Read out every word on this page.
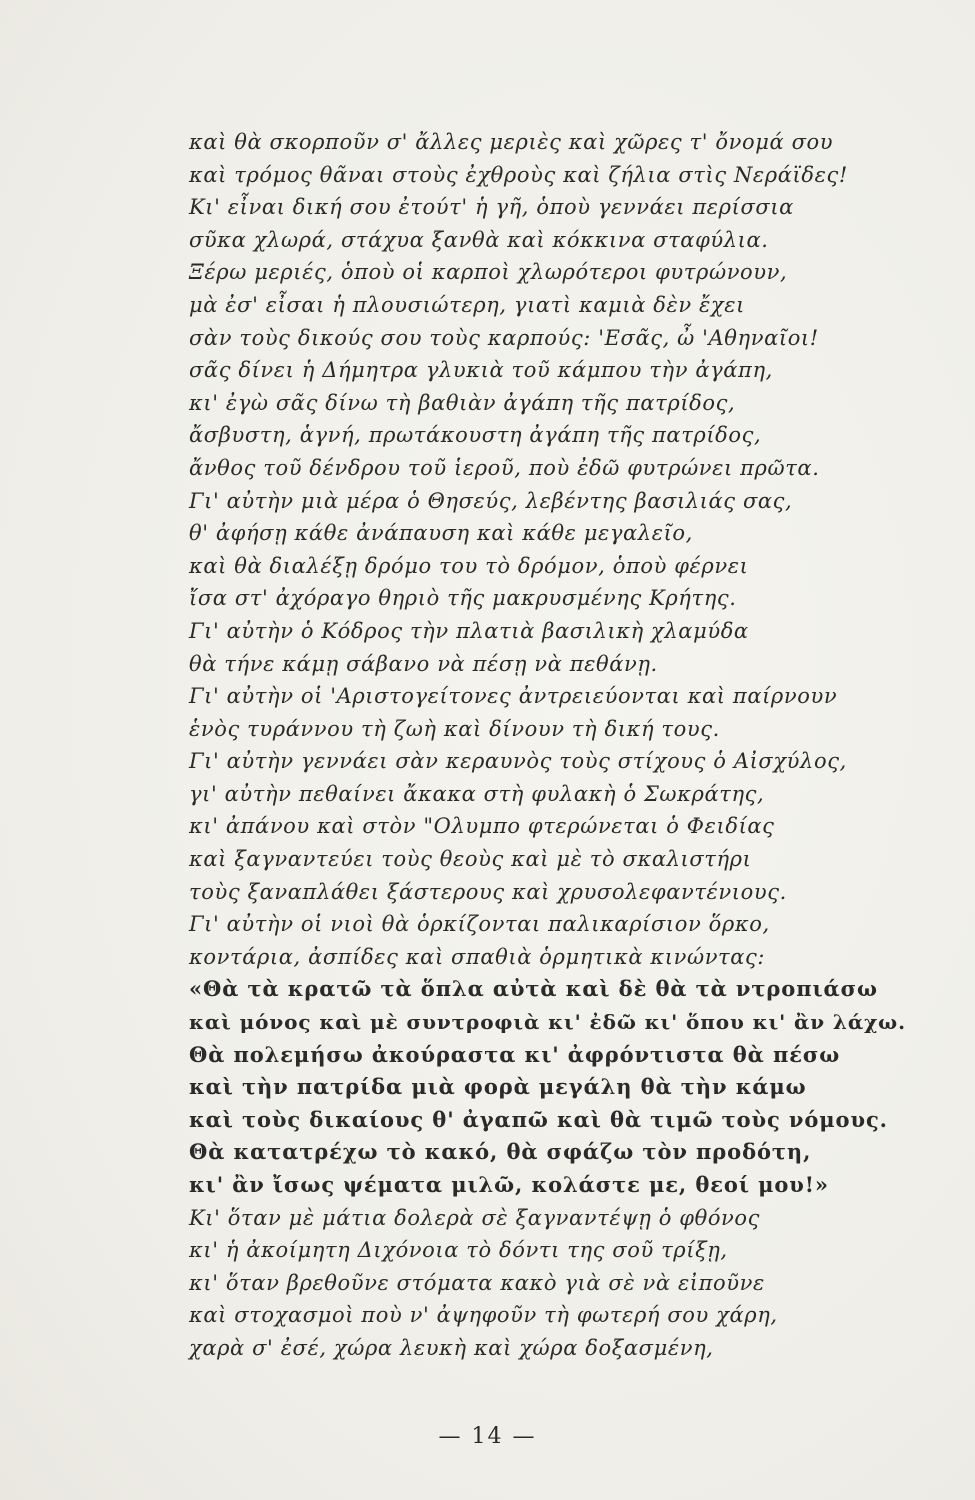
καὶ θὰ σκορποῦν σ' ἄλλες μεριὲς καὶ χῶρες τ' ὄνομά σου
καὶ τρόμος θᾶναι στοὺς ἐχθροὺς καὶ ζήλια στὶς Νεράϊδες!
Κι' εἶναι δική σου ἐτούτ' ἡ γῆ, ὁποὺ γεννάει περίσσια
σῦκα χλωρά, στάχυα ξανθὰ καὶ κόκκινα σταφύλια.
Ξέρω μεριές, ὁποὺ οἱ καρποὶ χλωρότεροι φυτρώνουν,
μὰ ἐσ' εἶσαι ἡ πλουσιώτερη, γιατὶ καμιὰ δὲν ἔχει
σὰν τοὺς δικούς σου τοὺς καρπούς: 'Εσᾶς, ὦ 'Αθηναῖοι!
σᾶς δίνει ἡ Δήμητρα γλυκιὰ τοῦ κάμπου τὴν ἀγάπη,
κι' ἐγὼ σᾶς δίνω τὴ βαθιὰν ἀγάπη τῆς πατρίδος,
ἄσβυστη, ἁγνή, πρωτάκουστη ἀγάπη τῆς πατρίδος,
ἄνθος τοῦ δένδρου τοῦ ἱεροῦ, ποὺ ἐδῶ φυτρώνει πρῶτα.
Γι' αὐτὴν μιὰ μέρα ὁ Θησεύς, λεβέντης βασιλιάς σας,
θ' ἀφήσῃ κάθε ἀνάπαυση καὶ κάθε μεγαλεῖο,
καὶ θὰ διαλέξῃ δρόμο του τὸ δρόμον, ὁποὺ φέρνει
ἴσα στ' ἀχόραγο θηριὸ τῆς μακρυσμένης Κρήτης.
Γι' αὐτὴν ὁ Κόδρος τὴν πλατιὰ βασιλικὴ χλαμύδα
θὰ τήνε κάμῃ σάβανο νὰ πέσῃ νὰ πεθάνῃ.
Γι' αὐτὴν οἱ 'Αριστογείτονες ἀντρειεύονται καὶ παίρνουν
ἑνὸς τυράννου τὴ ζωὴ καὶ δίνουν τὴ δική τους.
Γι' αὐτὴν γεννάει σὰν κεραυνὸς τοὺς στίχους ὁ Αἰσχύλος,
γι' αὐτὴν πεθαίνει ἄκακα στὴ φυλακὴ ὁ Σωκράτης,
κι' ἀπάνου καὶ στὸν "Ολυμπο φτερώνεται ὁ Φειδίας
καὶ ξαγναντεύει τοὺς θεοὺς καὶ μὲ τὸ σκαλιστήρι
τοὺς ξαναπλάθει ξάστερους καὶ χρυσολεφαντένιους.
Γι' αὐτὴν οἱ νιοὶ θὰ ὁρκίζονται παλικαρίσιον ὅρκο,
κοντάρια, ἀσπίδες καὶ σπαθιὰ ὁρμητικὰ κινώντας:
«Θὰ τὰ κρατῶ τὰ ὅπλα αὐτὰ καὶ δὲ θὰ τὰ ντροπιάσω
καὶ μόνος καὶ μὲ συντροφιὰ κι' ἐδῶ κι' ὅπου κι' ἂν λάχω.
Θὰ πολεμήσω ἀκούραστα κι' ἀφρόντιστα θὰ πέσω
καὶ τὴν πατρίδα μιὰ φορὰ μεγάλη θὰ τὴν κάμω
καὶ τοὺς δικαίους θ' ἀγαπῶ καὶ θὰ τιμῶ τοὺς νόμους.
Θὰ κατατρέχω τὸ κακό, θὰ σφάζω τὸν προδότη,
κι' ἂν ἴσως ψέματα μιλῶ, κολάστε με, θεοί μου!»
Κι' ὅταν μὲ μάτια δολερὰ σὲ ξαγναντέψῃ ὁ φθόνος
κι' ἡ ἀκοίμητη Διχόνοια τὸ δόντι της σοῦ τρίξῃ,
κι' ὅταν βρεθοῦνε στόματα κακὸ γιὰ σὲ νὰ εἰποῦνε
καὶ στοχασμοὶ ποὺ ν' ἀψηφοῦν τὴ φωτερή σου χάρη,
χαρὰ σ' ἐσέ, χώρα λευκὴ καὶ χώρα δοξασμένη,
— 14 —
